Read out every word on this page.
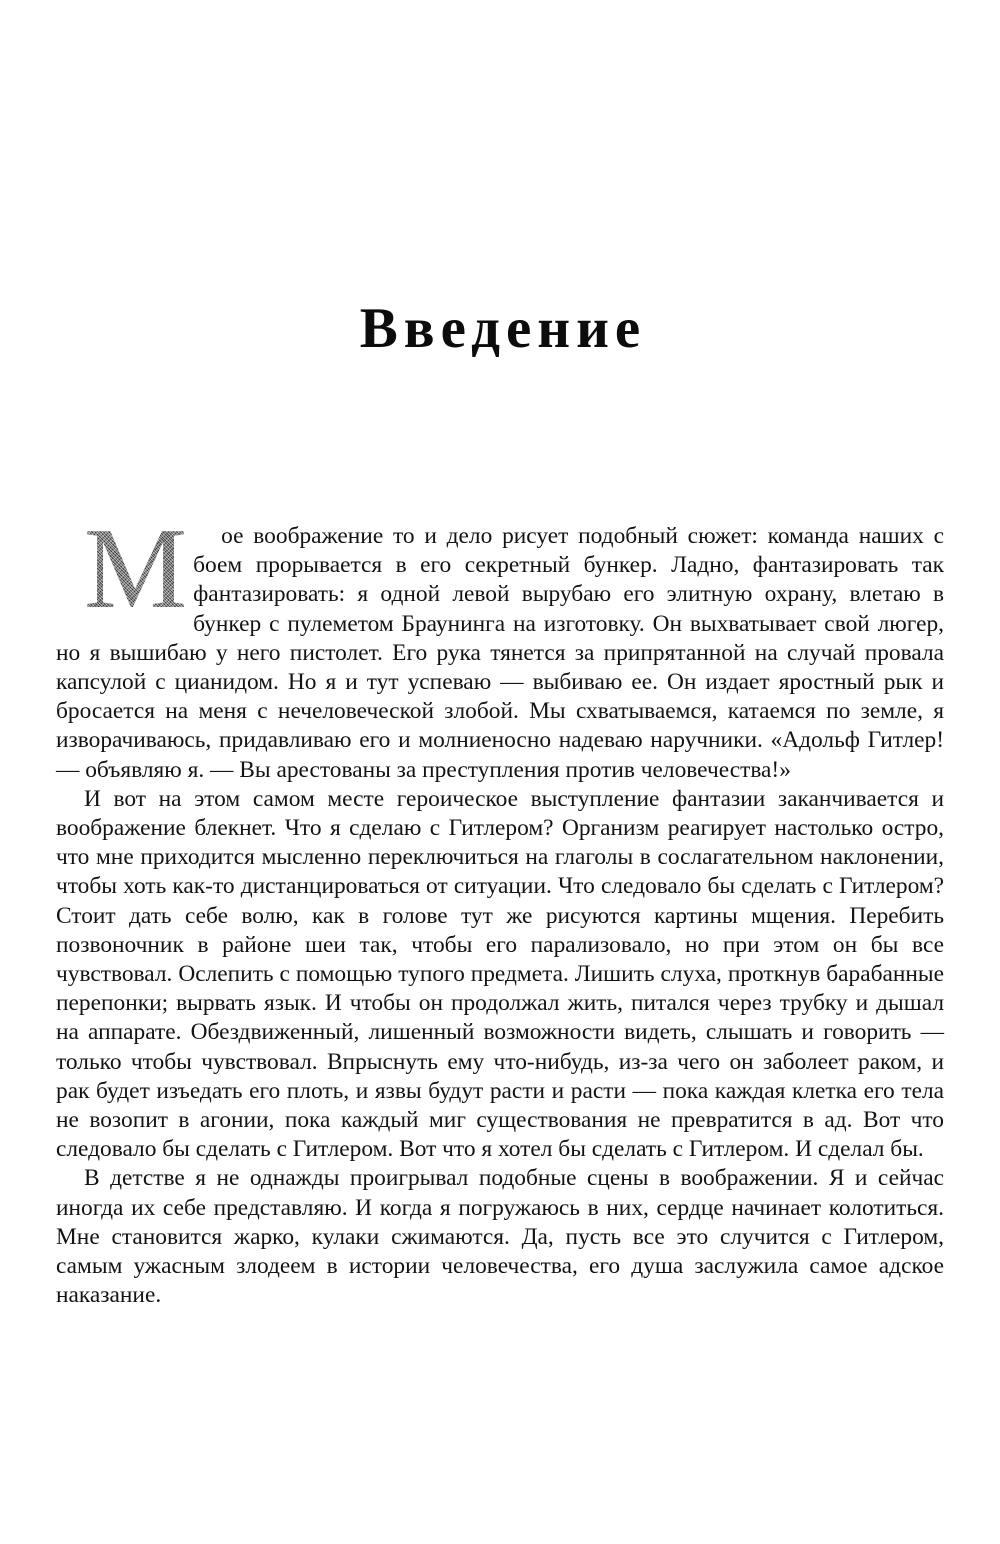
Введение

М ое воображение то и дело рисует подобный сюжет: команда наших с боем прорывается в его секретный бункер. Ладно, фантазировать так фантазировать: я одной левой вырубаю его элитную охрану, влетаю в бункер с пулеметом Браунинга на изготовку. Он выхватывает свой люгер, но я вышибаю у него пистолет. Его рука тянется за припрятанной на случай провала капсулой с цианидом. Но я и тут успеваю — выбиваю ее. Он издает яростный рык и бросается на меня с нечеловеческой злобой. Мы схватываемся, катаемся по земле, я изворачиваюсь, придавливаю его и молниеносно надеваю наручники. «Адольф Гитлер! — объявляю я. — Вы арестованы за преступления против человечества!»

И вот на этом самом месте героическое выступление фантазии заканчивается и воображение блекнет. Что я сделаю с Гитлером? Организм реагирует настолько остро, что мне приходится мысленно переключиться на глаголы в сослагательном наклонении, чтобы хоть как-то дистанцироваться от ситуации. Что следовало бы сделать с Гитлером? Стоит дать себе волю, как в голове тут же рисуются картины мщения. Перебить позвоночник в районе шеи так, чтобы его парализовало, но при этом он бы все чувствовал. Ослепить с помощью тупого предмета. Лишить слуха, проткнув барабанные перепонки; вырвать язык. И чтобы он продолжал жить, питался через трубку и дышал на аппарате. Обездвиженный, лишенный возможности видеть, слышать и говорить — только чтобы чувствовал. Впрыснуть ему что-нибудь, из-за чего он заболеет раком, и рак будет изъедать его плоть, и язвы будут расти и расти — пока каждая клетка его тела не возопит в агонии, пока каждый миг существования не превратится в ад. Вот что следовало бы сделать с Гитлером. Вот что я хотел бы сделать с Гитлером. И сделал бы.

В детстве я не однажды проигрывал подобные сцены в воображении. Я и сейчас иногда их себе представляю. И когда я погружаюсь в них, сердце начинает колотиться. Мне становится жарко, кулаки сжимаются. Да, пусть все это случится с Гитлером, самым ужасным злодеем в истории человечества, его душа заслужила самое адское наказание.
